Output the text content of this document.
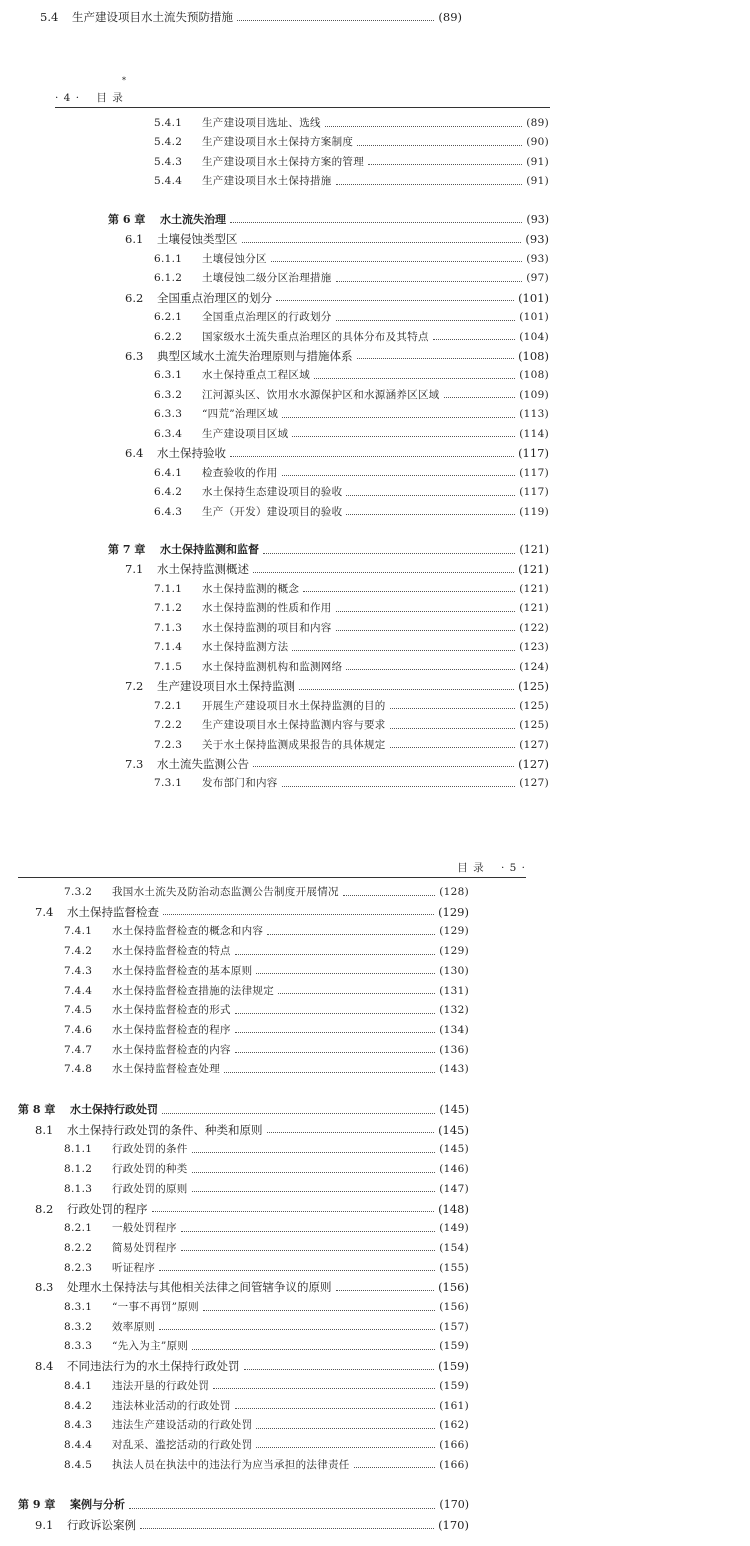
5.4	生产建设项目水土流失预防措施	(89)
*
· 4 · 目 录
5.4.1	生产建设项目选址、选线	(89)
5.4.2	生产建设项目水土保持方案制度	(90)
5.4.3	生产建设项目水土保持方案的管理	(91)
5.4.4	生产建设项目水土保持措施	(91)
第 6 章	水土流失治理	(93)
6.1	土壤侵蚀类型区	(93)
6.1.1	土壤侵蚀分区	(93)
6.1.2	土壤侵蚀二级分区治理措施	(97)
6.2	全国重点治理区的划分	(101)
6.2.1	全国重点治理区的行政划分	(101)
6.2.2	国家级水土流失重点治理区的具体分布及其特点	(104)
6.3	典型区域水土流失治理原则与措施体系	(108)
6.3.1	水土保持重点工程区域	(108)
6.3.2	江河源头区、饮用水水源保护区和水源涵养区区域	(109)
6.3.3	“四荒”治理区域	(113)
6.3.4	生产建设项目区域	(114)
6.4	水土保持验收	(117)
6.4.1	检查验收的作用	(117)
6.4.2	水土保持生态建设项目的验收	(117)
6.4.3	生产（开发）建设项目的验收	(119)
第 7 章	水土保持监测和监督	(121)
7.1	水土保持监测概述	(121)
7.1.1	水土保持监测的概念	(121)
7.1.2	水土保持监测的性质和作用	(121)
7.1.3	水土保持监测的项目和内容	(122)
7.1.4	水土保持监测方法	(123)
7.1.5	水土保持监测机构和监测网络	(124)
7.2	生产建设项目水土保持监测	(125)
7.2.1	开展生产建设项目水土保持监测的目的	(125)
7.2.2	生产建设项目水土保持监测内容与要求	(125)
7.2.3	关于水土保持监测成果报告的具体规定	(127)
7.3	水土流失监测公告	(127)
7.3.1	发布部门和内容	(127)
目 录 · 5 ·
7.3.2	我国水土流失及防治动态监测公告制度开展情况	(128)
7.4	水土保持监督检查	(129)
7.4.1	水土保持监督检查的概念和内容	(129)
7.4.2	水土保持监督检查的特点	(129)
7.4.3	水土保持监督检查的基本原则	(130)
7.4.4	水土保持监督检查措施的法律规定	(131)
7.4.5	水土保持监督检查的形式	(132)
7.4.6	水土保持监督检查的程序	(134)
7.4.7	水土保持监督检查的内容	(136)
7.4.8	水土保持监督检查处理	(143)
第 8 章	水土保持行政处罚	(145)
8.1	水土保持行政处罚的条件、种类和原则	(145)
8.1.1	行政处罚的条件	(145)
8.1.2	行政处罚的种类	(146)
8.1.3	行政处罚的原则	(147)
8.2	行政处罚的程序	(148)
8.2.1	一般处罚程序	(149)
8.2.2	简易处罚程序	(154)
8.2.3	听证程序	(155)
8.3	处理水土保持法与其他相关法律之间管辖争议的原则	(156)
8.3.1	“一事不再罚”原则	(156)
8.3.2	效率原则	(157)
8.3.3	“先入为主”原则	(159)
8.4	不同违法行为的水土保持行政处罚	(159)
8.4.1	违法开垦的行政处罚	(159)
8.4.2	违法林业活动的行政处罚	(161)
8.4.3	违法生产建设活动的行政处罚	(162)
8.4.4	对乱采、滥挖活动的行政处罚	(166)
8.4.5	执法人员在执法中的违法行为应当承担的法律责任	(166)
第 9 章	案例与分析	(170)
9.1	行政诉讼案例	(170)
